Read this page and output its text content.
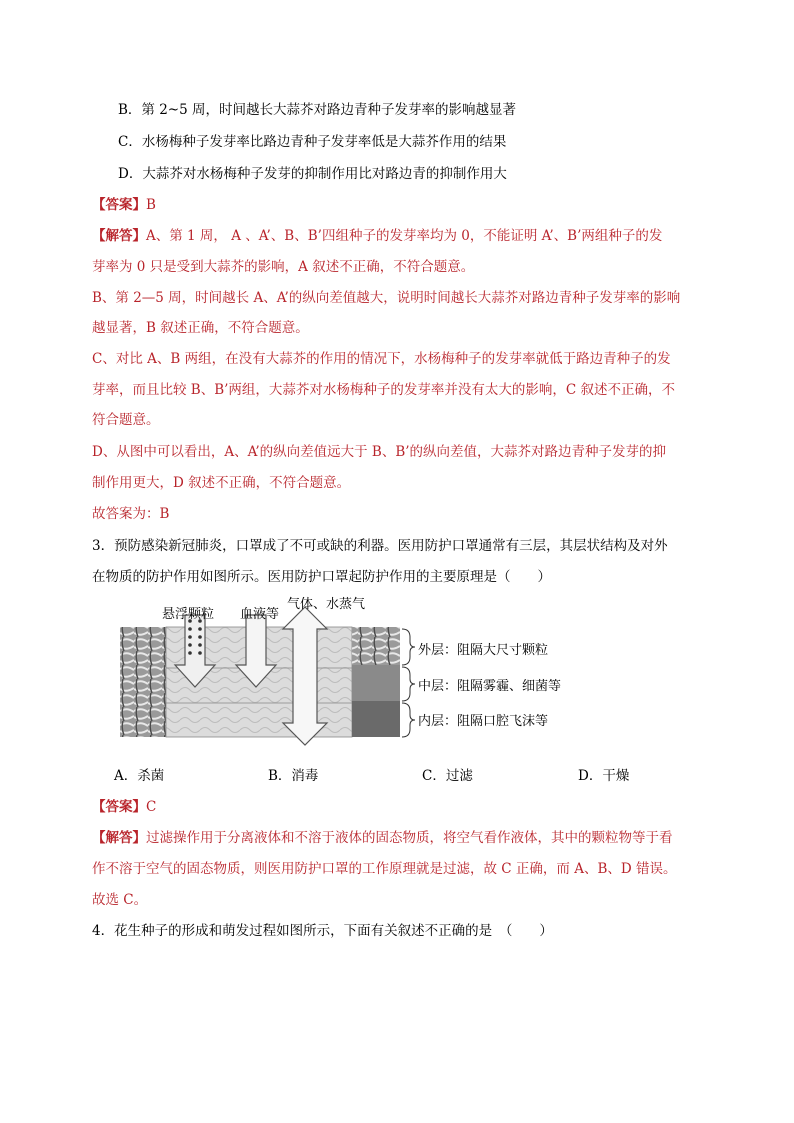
B．第 2~5 周，时间越长大蒜芥对路边青种子发芽率的影响越显著
C．水杨梅种子发芽率比路边青种子发芽率低是大蒜芥作用的结果
D．大蒜芥对水杨梅种子发芽的抑制作用比对路边青的抑制作用大
【答案】B
【解答】A、第 1 周， A 、A’、B、B’四组种子的发芽率均为 0，不能证明 A’、B’两组种子的发
芽率为 0 只是受到大蒜芥的影响，A 叙述不正确，不符合题意。
B、第 2—5 周，时间越长 A、A’的纵向差值越大，说明时间越长大蒜芥对路边青种子发芽率的影响
越显著，B 叙述正确，不符合题意。
C、对比 A、B 两组，在没有大蒜芥的作用的情况下，水杨梅种子的发芽率就低于路边青种子的发
芽率，而且比较 B、B’两组，大蒜芥对水杨梅种子的发芽率并没有太大的影响，C 叙述不正确，不
符合题意。
D、从图中可以看出，A、A’的纵向差值远大于 B、B’的纵向差值，大蒜芥对路边青种子发芽的抑
制作用更大，D 叙述不正确，不符合题意。
故答案为：B
3．预防感染新冠肺炎，口罩成了不可或缺的利器。医用防护口罩通常有三层，其层状结构及对外
在物质的防护作用如图所示。医用防护口罩起防护作用的主要原理是（　　）
悬浮颗粒 血液等
气体、水蒸气
外层：阻隔大尺寸颗粒
中层：阻隔雾霾、细菌等
内层：阻隔口腔飞沫等
A．杀菌	B．消毒	C．过滤	D．干燥
【答案】C
【解答】过滤操作用于分离液体和不溶于液体的固态物质，将空气看作液体，其中的颗粒物等于看
作不溶于空气的固态物质，则医用防护口罩的工作原理就是过滤，故 C 正确，而 A、B、D 错误。
故选 C。
4．花生种子的形成和萌发过程如图所示，下面有关叙述不正确的是　（　　）
